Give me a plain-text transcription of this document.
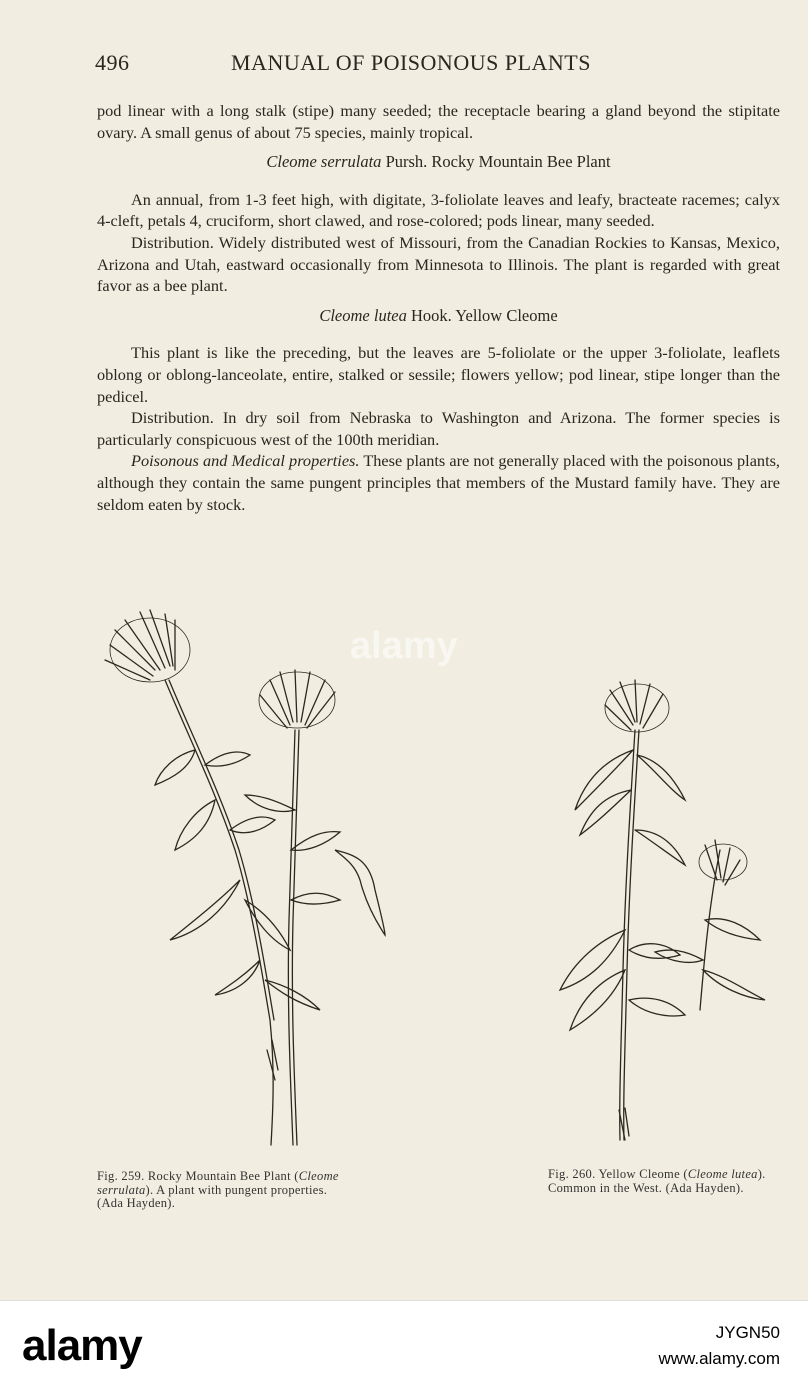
496	MANUAL OF POISONOUS PLANTS

pod linear with a long stalk (stipe) many seeded; the receptacle bearing a gland beyond the stipitate ovary. A small genus of about 75 species, mainly tropical.

Cleome serrulata Pursh. Rocky Mountain Bee Plant

An annual, from 1-3 feet high, with digitate, 3-foliolate leaves and leafy, bracteate racemes; calyx 4-cleft, petals 4, cruciform, short clawed, and rose-colored; pods linear, many seeded.

Distribution. Widely distributed west of Missouri, from the Canadian Rockies to Kansas, Mexico, Arizona and Utah, eastward occasionally from Minnesota to Illinois. The plant is regarded with great favor as a bee plant.

Cleome lutea Hook. Yellow Cleome

This plant is like the preceding, but the leaves are 5-foliolate or the upper 3-foliolate, leaflets oblong or oblong-lanceolate, entire, stalked or sessile; flowers yellow; pod linear, stipe longer than the pedicel.

Distribution. In dry soil from Nebraska to Washington and Arizona. The former species is particularly conspicuous west of the 100th meridian.

Poisonous and Medical properties. These plants are not generally placed with the poisonous plants, although they contain the same pungent principles that members of the Mustard family have. They are seldom eaten by stock.

Fig. 259. Rocky Mountain Bee Plant (Cleome serrulata). A plant with pungent properties. (Ada Hayden).
Fig. 260. Yellow Cleome (Cleome lutea). Common in the West. (Ada Hayden).
alamy
alamy	JYGN50
www.alamy.com
